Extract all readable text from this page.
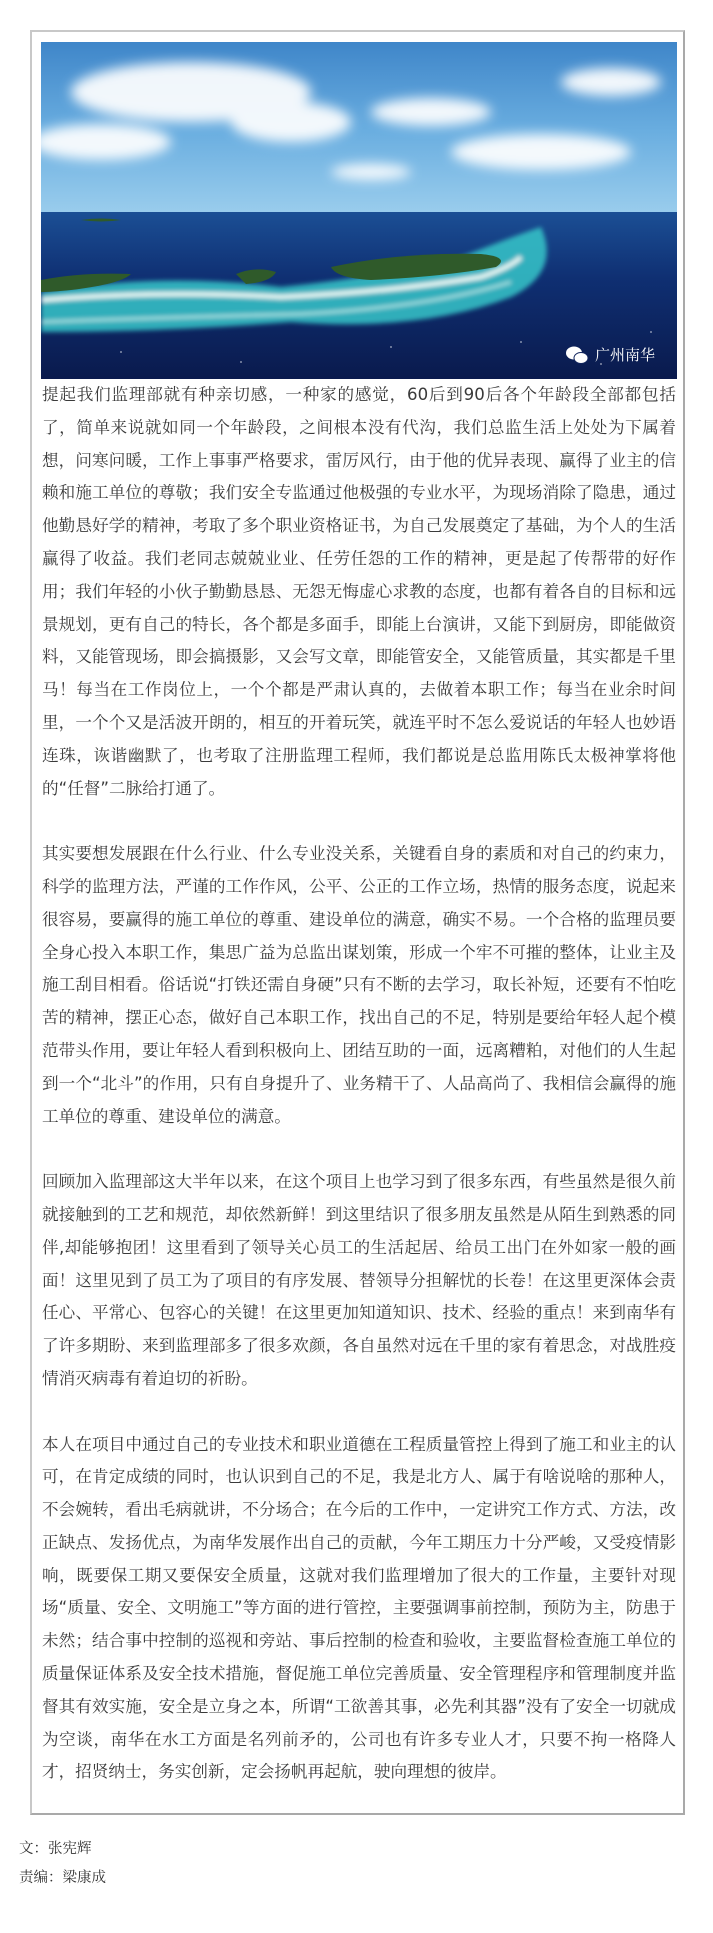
广州南华

提起我们监理部就有种亲切感，一种家的感觉，60后到90后各个年龄段全部都包括了，简单来说就如同一个年龄段，之间根本没有代沟，我们总监生活上处处为下属着想，问寒问暖，工作上事事严格要求，雷厉风行，由于他的优异表现、赢得了业主的信赖和施工单位的尊敬；我们安全专监通过他极强的专业水平，为现场消除了隐患，通过他勤恳好学的精神，考取了多个职业资格证书，为自己发展奠定了基础，为个人的生活赢得了收益。我们老同志兢兢业业、任劳任怨的工作的精神，更是起了传帮带的好作用；我们年轻的小伙子勤勤恳恳、无怨无悔虚心求教的态度，也都有着各自的目标和远景规划，更有自己的特长，各个都是多面手，即能上台演讲，又能下到厨房，即能做资料，又能管现场，即会搞摄影，又会写文章，即能管安全，又能管质量，其实都是千里马！每当在工作岗位上，一个个都是严肃认真的，去做着本职工作；每当在业余时间里，一个个又是活波开朗的，相互的开着玩笑，就连平时不怎么爱说话的年轻人也妙语连珠，诙谐幽默了，也考取了注册监理工程师，我们都说是总监用陈氏太极神掌将他的“任督”二脉给打通了。

其实要想发展跟在什么行业、什么专业没关系，关键看自身的素质和对自己的约束力，科学的监理方法，严谨的工作作风，公平、公正的工作立场，热情的服务态度，说起来很容易，要赢得的施工单位的尊重、建设单位的满意，确实不易。一个合格的监理员要全身心投入本职工作，集思广益为总监出谋划策，形成一个牢不可摧的整体，让业主及施工刮目相看。俗话说“打铁还需自身硬”只有不断的去学习，取长补短，还要有不怕吃苦的精神，摆正心态，做好自己本职工作，找出自己的不足，特别是要给年轻人起个模范带头作用，要让年轻人看到积极向上、团结互助的一面，远离糟粕，对他们的人生起到一个“北斗”的作用，只有自身提升了、业务精干了、人品高尚了、我相信会赢得的施工单位的尊重、建设单位的满意。

回顾加入监理部这大半年以来，在这个项目上也学习到了很多东西，有些虽然是很久前就接触到的工艺和规范，却依然新鲜！到这里结识了很多朋友虽然是从陌生到熟悉的同伴,却能够抱团！这里看到了领导关心员工的生活起居、给员工出门在外如家一般的画面！这里见到了员工为了项目的有序发展、替领导分担解忧的长卷！在这里更深体会责任心、平常心、包容心的关键！在这里更加知道知识、技术、经验的重点！来到南华有了许多期盼、来到监理部多了很多欢颜，各自虽然对远在千里的家有着思念，对战胜疫情消灭病毒有着迫切的祈盼。

本人在项目中通过自己的专业技术和职业道德在工程质量管控上得到了施工和业主的认可，在肯定成绩的同时，也认识到自己的不足，我是北方人、属于有啥说啥的那种人，不会婉转，看出毛病就讲，不分场合；在今后的工作中，一定讲究工作方式、方法，改正缺点、发扬优点，为南华发展作出自己的贡献，今年工期压力十分严峻，又受疫情影响，既要保工期又要保安全质量，这就对我们监理增加了很大的工作量，主要针对现场“质量、安全、文明施工”等方面的进行管控，主要强调事前控制，预防为主，防患于未然；结合事中控制的巡视和旁站、事后控制的检查和验收，主要监督检查施工单位的质量保证体系及安全技术措施，督促施工单位完善质量、安全管理程序和管理制度并监督其有效实施，安全是立身之本，所谓“工欲善其事，必先利其器”没有了安全一切就成为空谈，南华在水工方面是名列前矛的，公司也有许多专业人才，只要不拘一格降人才，招贤纳士，务实创新，定会扬帆再起航，驶向理想的彼岸。

文：张宪辉
责编：梁康成
